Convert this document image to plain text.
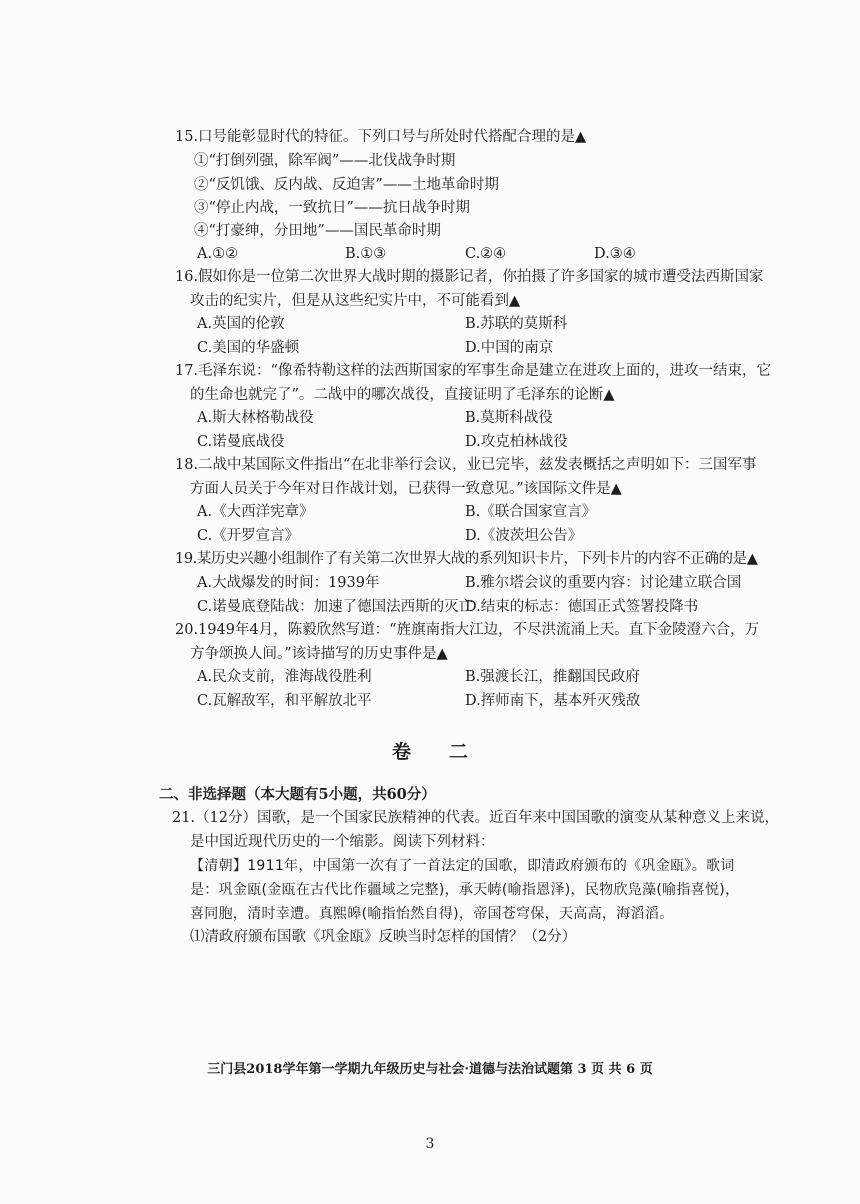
15.口号能彰显时代的特征。下列口号与所处时代搭配合理的是▲
①“打倒列强，除军阀”——北伐战争时期
②“反饥饿、反内战、反迫害”——土地革命时期
③“停止内战，一致抗日”——抗日战争时期
④“打豪绅，分田地”——国民革命时期
A.①②	B.①③	C.②④	D.③④
16.假如你是一位第二次世界大战时期的摄影记者，你拍摄了许多国家的城市遭受法西斯国家
攻击的纪实片，但是从这些纪实片中，不可能看到▲
A.英国的伦敦	B.苏联的莫斯科
C.美国的华盛顿	D.中国的南京
17.毛泽东说：“像希特勒这样的法西斯国家的军事生命是建立在进攻上面的，进攻一结束，它
的生命也就完了”。二战中的哪次战役，直接证明了毛泽东的论断▲
A.斯大林格勒战役	B.莫斯科战役
C.诺曼底战役	D.攻克柏林战役
18.二战中某国际文件指出“在北非举行会议，业已完毕，兹发表概括之声明如下：三国军事
方面人员关于今年对日作战计划，已获得一致意见。”该国际文件是▲
A.《大西洋宪章》	B.《联合国家宣言》
C.《开罗宣言》	D.《波茨坦公告》
19.某历史兴趣小组制作了有关第二次世界大战的系列知识卡片，下列卡片的内容不正确的是▲
A.大战爆发的时间：1939年	B.雅尔塔会议的重要内容：讨论建立联合国
C.诺曼底登陆战：加速了德国法西斯的灭亡
D.结束的标志：德国正式签署投降书
20.1949年4月，陈毅欣然写道：“旌旗南指大江边，不尽洪流涌上天。直下金陵澄六合，万
方争颂换人间。”该诗描写的历史事件是▲
A.民众支前，淮海战役胜利	B.强渡长江，推翻国民政府
C.瓦解敌军，和平解放北平	D.挥师南下，基本歼灭残敌
卷 二
二、非选择题（本大题有5小题，共60分）
21.（12分）国歌，是一个国家民族精神的代表。近百年来中国国歌的演变从某种意义上来说，
是中国近现代历史的一个缩影。阅读下列材料：
【清朝】1911年，中国第一次有了一首法定的国歌，即清政府颁布的《巩金瓯》。歌词
是：巩金瓯(金瓯在古代比作疆域之完整)，承天帱(喻指恩泽)，民物欣凫藻(喻指喜悦)，
喜同胞，清时幸遭。真熙皞(喻指怡然自得)，帝国苍穹保，天高高，海滔滔。
⑴清政府颁布国歌《巩金瓯》反映当时怎样的国情？（2分）
三门县2018学年第一学期九年级历史与社会·道德与法治试题第 3 页 共 6 页
3
